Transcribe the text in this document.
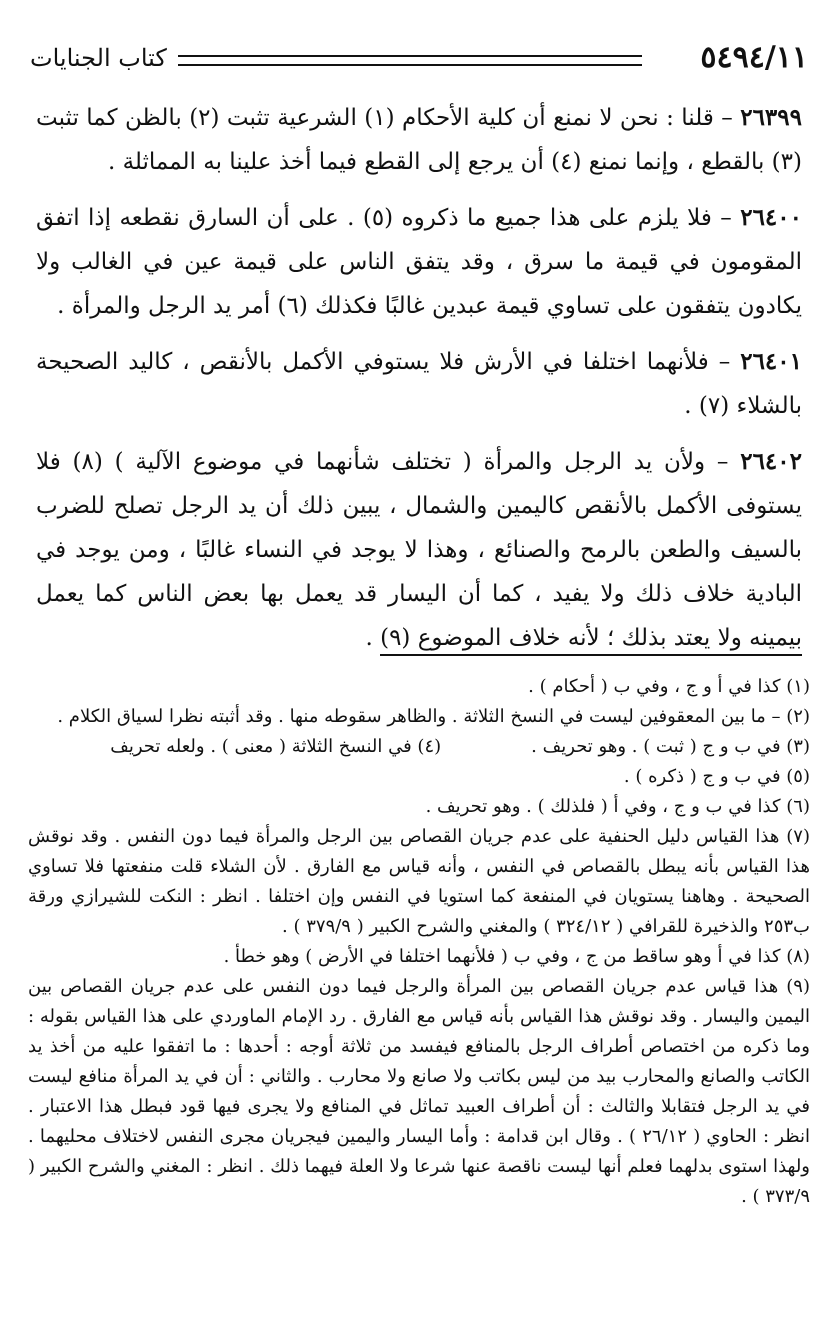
٥٤٩٤/١١
كتاب الجنايات

٢٦٣٩٩ – قلنا : نحن لا نمنع أن كلية الأحكام (١) الشرعية تثبت (٢) بالظن كما تثبت (٣) بالقطع ، وإنما نمنع (٤) أن يرجع إلى القطع فيما أخذ علينا به المماثلة .

٢٦٤٠٠ – فلا يلزم على هذا جميع ما ذكروه (٥) . على أن السارق نقطعه إذا اتفق المقومون في قيمة ما سرق ، وقد يتفق الناس على قيمة عين في الغالب ولا يكادون يتفقون على تساوي قيمة عبدين غالبًا فكذلك (٦) أمر يد الرجل والمرأة .

٢٦٤٠١ – فلأنهما اختلفا في الأرش فلا يستوفي الأكمل بالأنقص ، كاليد الصحيحة بالشلاء (٧) .

٢٦٤٠٢ – ولأن يد الرجل والمرأة ( تختلف شأنهما في موضوع الآلية ) (٨) فلا يستوفى الأكمل بالأنقص كاليمين والشمال ، يبين ذلك أن يد الرجل تصلح للضرب بالسيف والطعن بالرمح والصنائع ، وهذا لا يوجد في النساء غالبًا ، ومن يوجد في البادية خلاف ذلك ولا يفيد ، كما أن اليسار قد يعمل بها بعض الناس كما يعمل بيمينه ولا يعتد بذلك ؛ لأنه خلاف الموضوع (٩) .

(١) كذا في أ و ج ، وفي ب ( أحكام ) .

(٢) – ما بين المعقوفين ليست في النسخ الثلاثة . والظاهر سقوطه منها . وقد أثبته نظرا لسياق الكلام .

(٣) في ب و ج ( ثبت ) . وهو تحريف .
(٤) في النسخ الثلاثة ( معنى ) . ولعله تحريف

(٥) في ب و ج ( ذكره ) .

(٦) كذا في ب و ج ، وفي أ ( فلذلك ) . وهو تحريف .

(٧) هذا القياس دليل الحنفية على عدم جريان القصاص بين الرجل والمرأة فيما دون النفس . وقد نوقش هذا القياس بأنه يبطل بالقصاص في النفس ، وأنه قياس مع الفارق . لأن الشلاء قلت منفعتها فلا تساوي الصحيحة . وهاهنا يستويان في المنفعة كما استويا في النفس وإن اختلفا . انظر : النكت للشيرازي ورقة ب٢٥٣ والذخيرة للقرافي ( ٣٢٤/١٢ ) والمغني والشرح الكبير ( ٣٧٩/٩ ) .

(٨) كذا في أ وهو ساقط من ج ، وفي ب ( فلأنهما اختلفا في الأرض ) وهو خطأ .

(٩) هذا قياس عدم جريان القصاص بين المرأة والرجل فيما دون النفس على عدم جريان القصاص بين اليمين واليسار . وقد نوقش هذا القياس بأنه قياس مع الفارق . رد الإمام الماوردي على هذا القياس بقوله : وما ذكره من اختصاص أطراف الرجل بالمنافع فيفسد من ثلاثة أوجه : أحدها : ما اتفقوا عليه من أخذ يد الكاتب والصانع والمحارب بيد من ليس بكاتب ولا صانع ولا محارب . والثاني : أن في يد المرأة منافع ليست في يد الرجل فتقابلا والثالث : أن أطراف العبيد تماثل في المنافع ولا يجرى فيها قود فبطل هذا الاعتبار . انظر : الحاوي ( ٢٦/١٢ ) . وقال ابن قدامة : وأما اليسار واليمين فيجريان مجرى النفس لاختلاف محليهما . ولهذا استوى بدلهما فعلم أنها ليست ناقصة عنها شرعا ولا العلة فيهما ذلك . انظر : المغني والشرح الكبير ( ٣٧٣/٩ ) .
